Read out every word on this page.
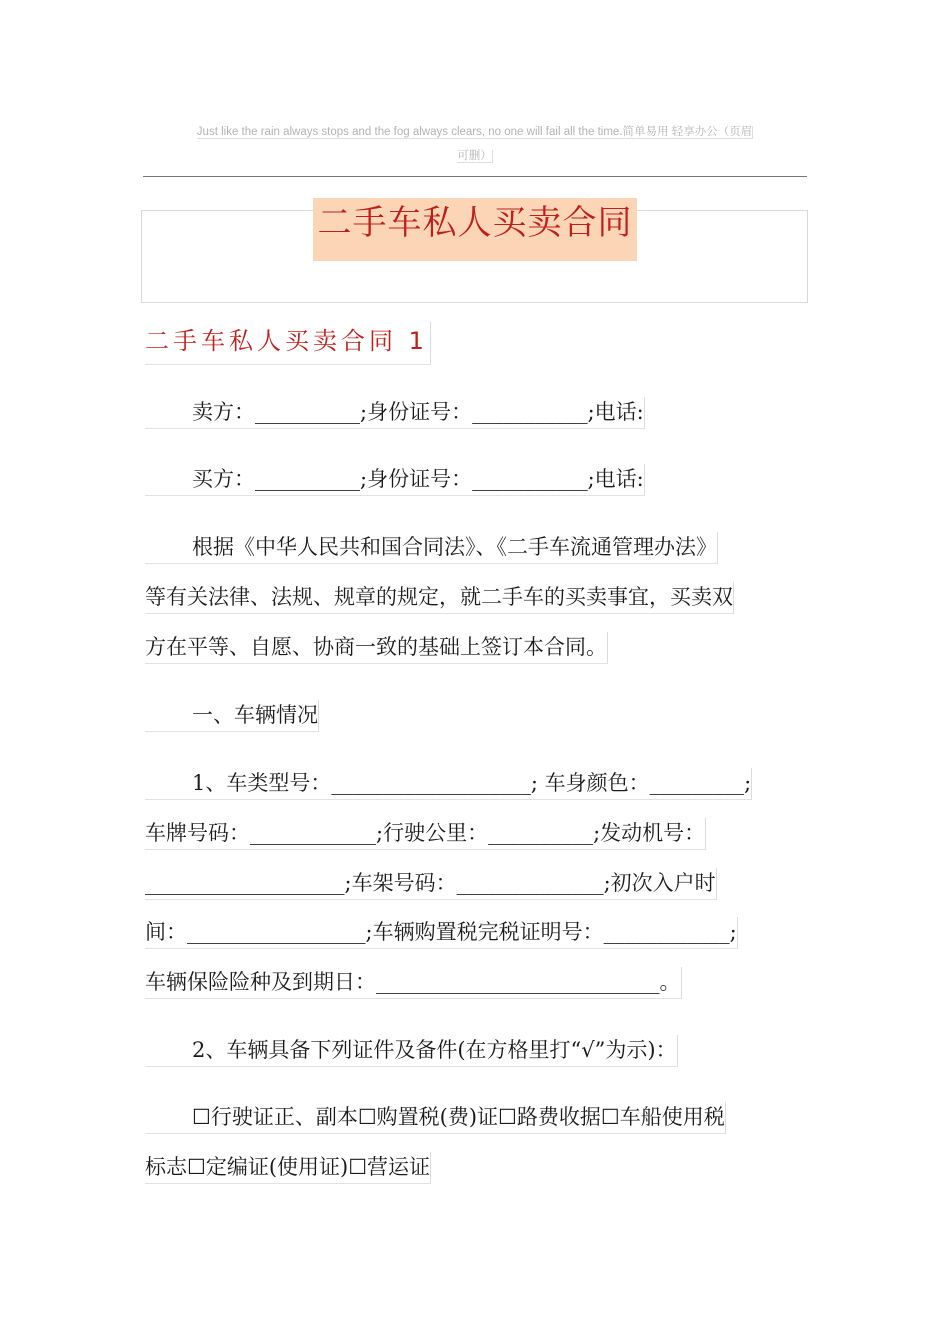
Just like the rain always stops and the fog always clears, no one will fail all the time.简单易用 轻享办公（页眉
可删）
二手车私人买卖合同
二手车私人买卖合同 1
卖方：__________;身份证号：___________;电话:
买方：__________;身份证号：___________;电话:
根据《中华人民共和国合同法》、《二手车流通管理办法》
等有关法律、法规、规章的规定，就二手车的买卖事宜，买卖双
方在平等、自愿、协商一致的基础上签订本合同。
一、车辆情况
1、车类型号：___________________; 车身颜色：_________;
车牌号码：____________;行驶公里：__________;发动机号：
___________________;车架号码：______________;初次入户时
间：_________________;车辆购置税完税证明号：____________;
车辆保险险种及到期日：___________________________。
2、车辆具备下列证件及备件(在方格里打“√”为示)：
☐行驶证正、副本☐购置税(费)证☐路费收据☐车船使用税
标志☐定编证(使用证)☐营运证
